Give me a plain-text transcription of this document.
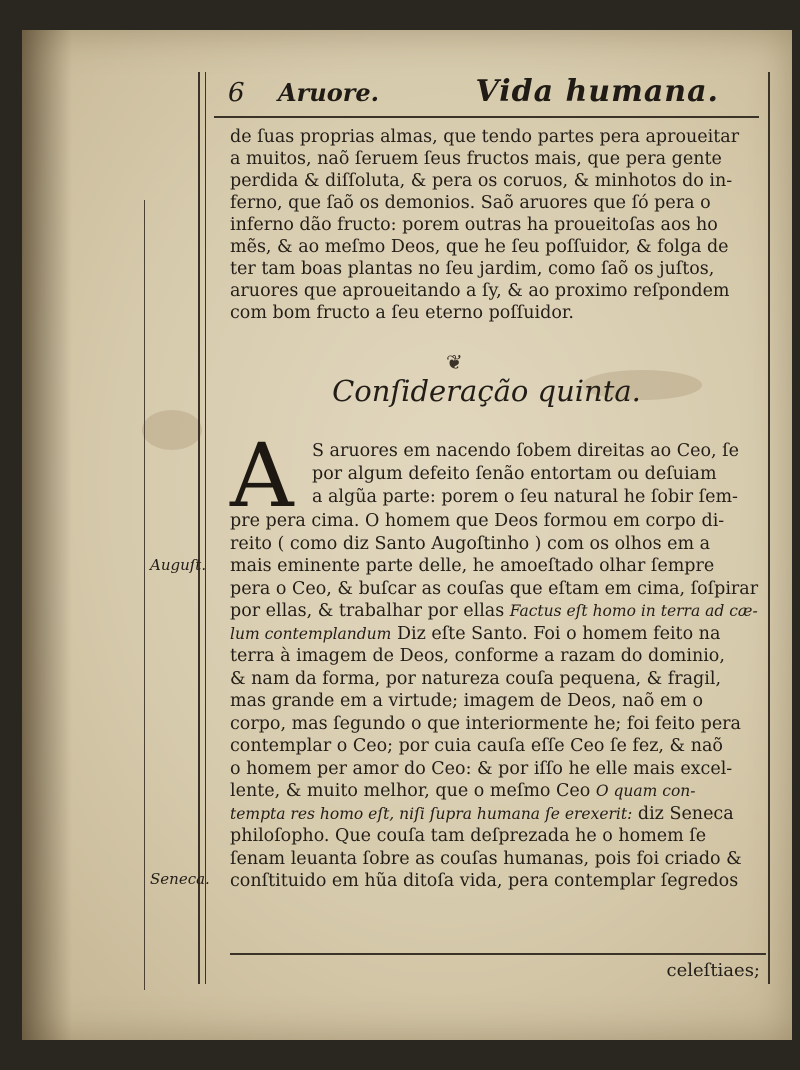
6 Aruore.	Vida humana.
de ſuas proprias almas, que tendo partes pera aproueitar
a muitos, naõ ſeruem ſeus fructos mais, que pera gente
perdida & diſſoluta, & pera os coruos, & minhotos do in-
ferno, que ſaõ os demonios. Saõ aruores que ſó pera o
inferno dão fructo: porem outras ha proueitoſas aos ho
mẽs, & ao meſmo Deos, que he ſeu poſſuidor, & folga de
ter tam boas plantas no ſeu jardim, como ſaõ os juſtos,
aruores que aproueitando a ſy, & ao proximo reſpondem
com bom fructo a ſeu eterno poſſuidor.
❦
Conſideração quinta.
A	S aruores em nacendo ſobem direitas ao Ceo, ſe
por algum defeito ſenão entortam ou deſuiam
a algũa parte: porem o ſeu natural he ſobir ſem-
pre pera cima. O homem que Deos formou em corpo di-
reito ( como diz Santo Augoſtinho ) com os olhos em a
mais eminente parte delle, he amoeſtado olhar ſempre
pera o Ceo, & buſcar as couſas que eſtam em cima, ſoſpirar
por ellas, & trabalhar por ellas Factus eſt homo in terra ad cæ-
lum contemplandum Diz eſte Santo. Foi o homem feito na
terra à imagem de Deos, conforme a razam do dominio,
& nam da forma, por natureza couſa pequena, & fragil,
mas grande em a virtude; imagem de Deos, naõ em o
corpo, mas ſegundo o que interiormente he; foi feito pera
contemplar o Ceo; por cuia cauſa eſſe Ceo ſe fez, & naõ
o homem per amor do Ceo: & por iſſo he elle mais excel-
lente, & muito melhor, que o meſmo Ceo O quam con-
tempta res homo eſt, niſi ſupra humana ſe erexerit: diz Seneca
philoſopho. Que couſa tam deſprezada he o homem ſe
ſenam leuanta ſobre as couſas humanas, pois foi criado &
conſtituido em hũa ditoſa vida, pera contemplar ſegredos
Auguſt.
Seneca.
celeſtiaes;
